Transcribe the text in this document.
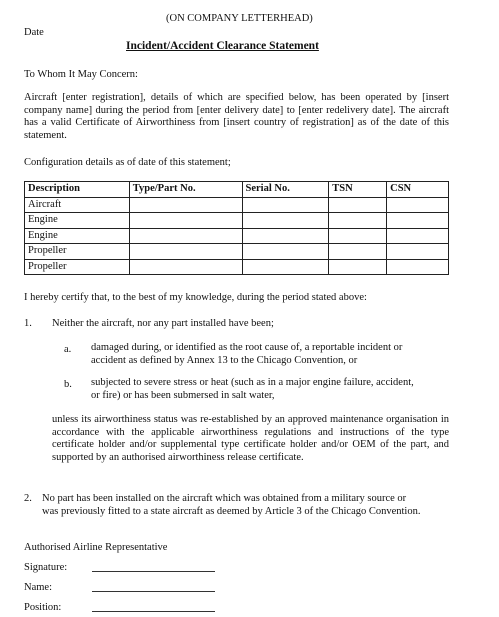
(ON COMPANY LETTERHEAD)
Date
Incident/Accident Clearance Statement
To Whom It May Concern:
Aircraft [enter registration], details of which are specified below, has been operated by [insert company name] during the period from [enter delivery date] to [enter redelivery date]. The aircraft has a valid Certificate of Airworthiness from [insert country of registration] as of the date of this statement.
Configuration details as of date of this statement;
Description	Type/Part No.	Serial No.	TSN	CSN
Aircraft				
Engine				
Engine				
Propeller				
Propeller				
I hereby certify that, to the best of my knowledge, during the period stated above:
1. Neither the aircraft, nor any part installed have been;
a. damaged during, or identified as the root cause of, a reportable incident or
accident as defined by Annex 13 to the Chicago Convention, or
b. subjected to severe stress or heat (such as in a major engine failure, accident,
or fire) or has been submersed in salt water,
unless its airworthiness status was re-established by an approved maintenance organisation in accordance with the applicable airworthiness regulations and instructions of the type certificate holder and/or supplemental type certificate holder and/or OEM of the part, and supported by an authorised airworthiness release certificate.
2. No part has been installed on the aircraft which was obtained from a military source or
was previously fitted to a state aircraft as deemed by Article 3 of the Chicago Convention.
Authorised Airline Representative
Signature:
Name:
Position:
